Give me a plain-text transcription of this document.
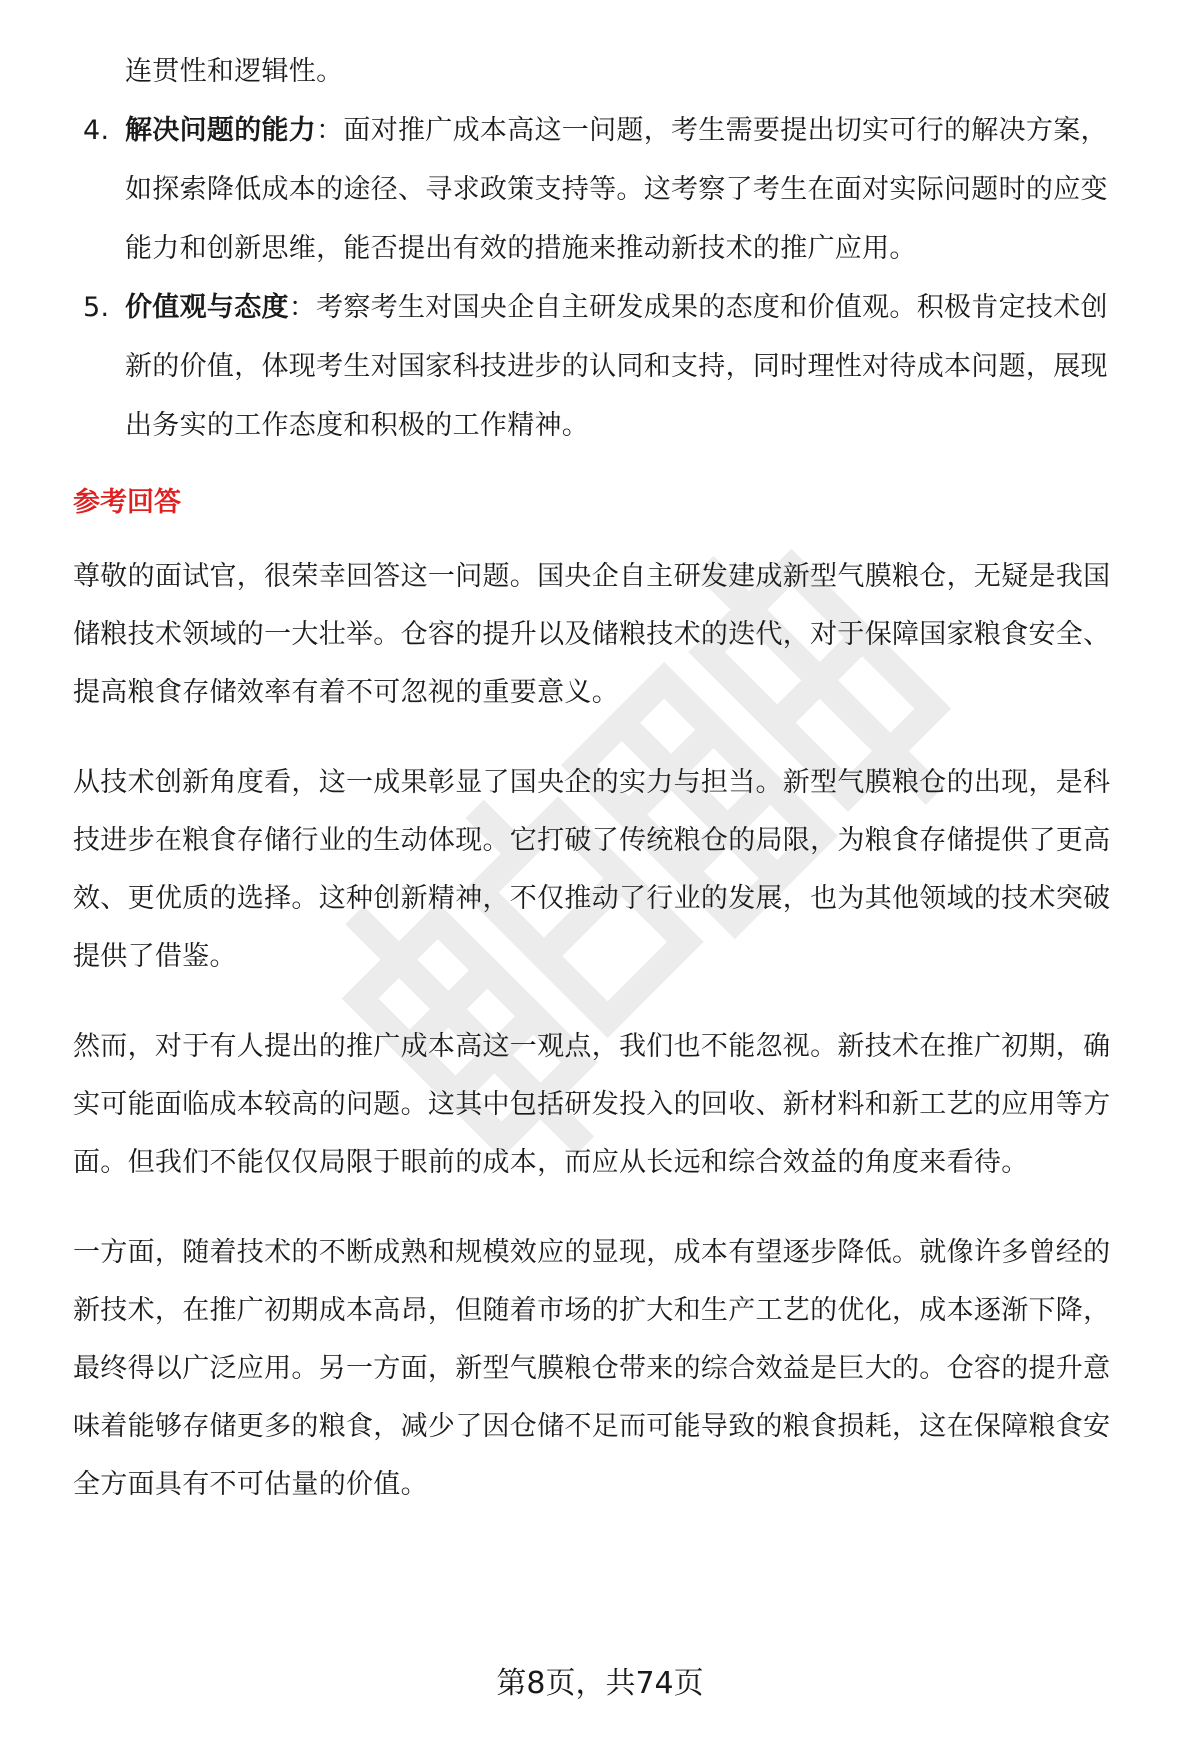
连贯性和逻辑性。
4. 解决问题的能力：面对推广成本高这一问题，考生需要提出切实可行的解决方案，如探索降低成本的途径、寻求政策支持等。这考察了考生在面对实际问题时的应变能力和创新思维，能否提出有效的措施来推动新技术的推广应用。
5. 价值观与态度：考察考生对国央企自主研发成果的态度和价值观。积极肯定技术创新的价值，体现考生对国家科技进步的认同和支持，同时理性对待成本问题，展现出务实的工作态度和积极的工作精神。
参考回答

尊敬的面试官，很荣幸回答这一问题。国央企自主研发建成新型气膜粮仓，无疑是我国储粮技术领域的一大壮举。仓容的提升以及储粮技术的迭代，对于保障国家粮食安全、提高粮食存储效率有着不可忽视的重要意义。

从技术创新角度看，这一成果彰显了国央企的实力与担当。新型气膜粮仓的出现，是科技进步在粮食存储行业的生动体现。它打破了传统粮仓的局限，为粮食存储提供了更高效、更优质的选择。这种创新精神，不仅推动了行业的发展，也为其他领域的技术突破提供了借鉴。

然而，对于有人提出的推广成本高这一观点，我们也不能忽视。新技术在推广初期，确实可能面临成本较高的问题。这其中包括研发投入的回收、新材料和新工艺的应用等方面。但我们不能仅仅局限于眼前的成本，而应从长远和综合效益的角度来看待。

一方面，随着技术的不断成熟和规模效应的显现，成本有望逐步降低。就像许多曾经的新技术，在推广初期成本高昂，但随着市场的扩大和生产工艺的优化，成本逐渐下降，最终得以广泛应用。另一方面，新型气膜粮仓带来的综合效益是巨大的。仓容的提升意味着能够存储更多的粮食，减少了因仓储不足而可能导致的粮食损耗，这在保障粮食安全方面具有不可估量的价值。

第8页，共74页
